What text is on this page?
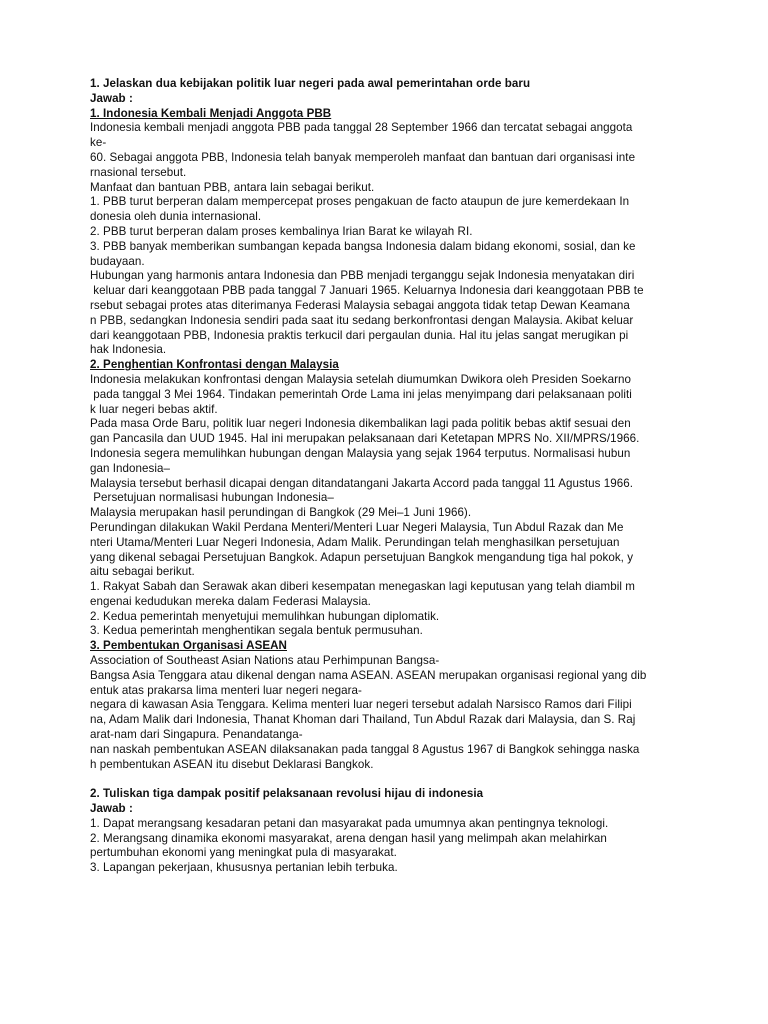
1. Jelaskan dua kebijakan politik luar negeri pada awal pemerintahan orde baru
Jawab :
1. Indonesia Kembali Menjadi Anggota PBB
Indonesia kembali menjadi anggota PBB pada tanggal 28 September 1966 dan tercatat sebagai anggota
ke-
60. Sebagai anggota PBB, Indonesia telah banyak memperoleh manfaat dan bantuan dari organisasi inte
rnasional tersebut.
Manfaat dan bantuan PBB, antara lain sebagai berikut.
1. PBB turut berperan dalam mempercepat proses pengakuan de facto ataupun de jure kemerdekaan In
donesia oleh dunia internasional.
2. PBB turut berperan dalam proses kembalinya Irian Barat ke wilayah RI.
3. PBB banyak memberikan sumbangan kepada bangsa Indonesia dalam bidang ekonomi, sosial, dan ke
budayaan.
Hubungan yang harmonis antara Indonesia dan PBB menjadi terganggu sejak Indonesia menyatakan diri
keluar dari keanggotaan PBB pada tanggal 7 Januari 1965. Keluarnya Indonesia dari keanggotaan PBB te
rsebut sebagai protes atas diterimanya Federasi Malaysia sebagai anggota tidak tetap Dewan Keamana
n PBB, sedangkan Indonesia sendiri pada saat itu sedang berkonfrontasi dengan Malaysia. Akibat keluar
dari keanggotaan PBB, Indonesia praktis terkucil dari pergaulan dunia. Hal itu jelas sangat merugikan pi
hak Indonesia.
2. Penghentian Konfrontasi dengan Malaysia
Indonesia melakukan konfrontasi dengan Malaysia setelah diumumkan Dwikora oleh Presiden Soekarno
pada tanggal 3 Mei 1964. Tindakan pemerintah Orde Lama ini jelas menyimpang dari pelaksanaan politi
k luar negeri bebas aktif.
Pada masa Orde Baru, politik luar negeri Indonesia dikembalikan lagi pada politik bebas aktif sesuai den
gan Pancasila dan UUD 1945. Hal ini merupakan pelaksanaan dari Ketetapan MPRS No. XII/MPRS/1966.
Indonesia segera memulihkan hubungan dengan Malaysia yang sejak 1964 terputus. Normalisasi hubun
gan Indonesia–
Malaysia tersebut berhasil dicapai dengan ditandatangani Jakarta Accord pada tanggal 11 Agustus 1966.
Persetujuan normalisasi hubungan Indonesia–
Malaysia merupakan hasil perundingan di Bangkok (29 Mei–1 Juni 1966).
Perundingan dilakukan Wakil Perdana Menteri/Menteri Luar Negeri Malaysia, Tun Abdul Razak dan Me
nteri Utama/Menteri Luar Negeri Indonesia, Adam Malik. Perundingan telah menghasilkan persetujuan
yang dikenal sebagai Persetujuan Bangkok. Adapun persetujuan Bangkok mengandung tiga hal pokok, y
aitu sebagai berikut.
1. Rakyat Sabah dan Serawak akan diberi kesempatan menegaskan lagi keputusan yang telah diambil m
engenai kedudukan mereka dalam Federasi Malaysia.
2. Kedua pemerintah menyetujui memulihkan hubungan diplomatik.
3. Kedua pemerintah menghentikan segala bentuk permusuhan.
3. Pembentukan Organisasi ASEAN
Association of Southeast Asian Nations atau Perhimpunan Bangsa-
Bangsa Asia Tenggara atau dikenal dengan nama ASEAN. ASEAN merupakan organisasi regional yang dib
entuk atas prakarsa lima menteri luar negeri negara-
negara di kawasan Asia Tenggara. Kelima menteri luar negeri tersebut adalah Narsisco Ramos dari Filipi
na, Adam Malik dari Indonesia, Thanat Khoman dari Thailand, Tun Abdul Razak dari Malaysia, dan S. Raj
arat-nam dari Singapura. Penandatanga-
nan naskah pembentukan ASEAN dilaksanakan pada tanggal 8 Agustus 1967 di Bangkok sehingga naska
h pembentukan ASEAN itu disebut Deklarasi Bangkok.
2. Tuliskan tiga dampak positif pelaksanaan revolusi hijau di indonesia
Jawab :
1. Dapat merangsang kesadaran petani dan masyarakat pada umumnya akan pentingnya teknologi.
2. Merangsang dinamika ekonomi masyarakat, arena dengan hasil yang melimpah akan melahirkan
pertumbuhan ekonomi yang meningkat pula di masyarakat.
3. Lapangan pekerjaan, khususnya pertanian lebih terbuka.
